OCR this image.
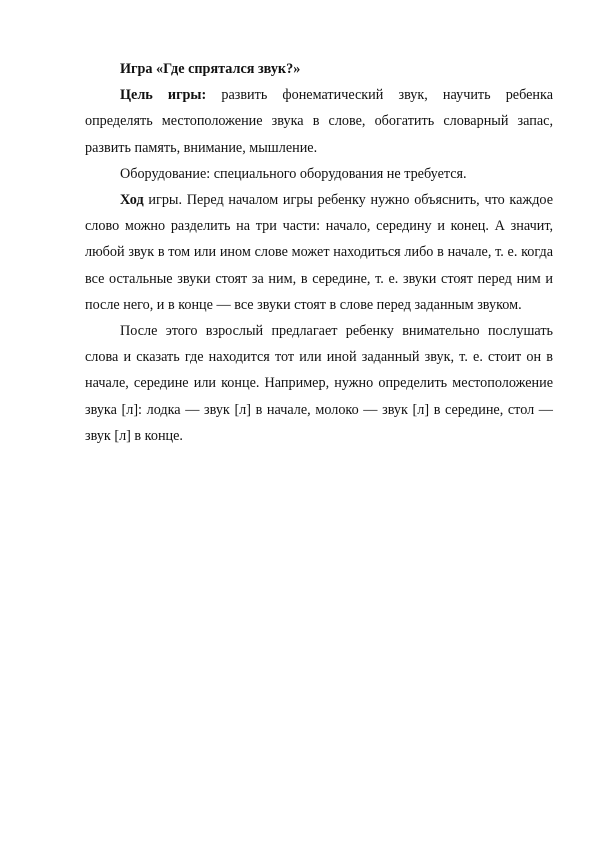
Игра «Где спрятался звук?»

Цель игры: развить фонематический звук, научить ребенка определять местоположение звука в слове, обогатить словарный запас, развить память, внимание, мышление.

Оборудование: специального оборудования не требуется.

Ход игры. Перед началом игры ребенку нужно объяснить, что каждое слово можно разделить на три части: начало, середину и конец. А значит, любой звук в том или ином слове может находиться либо в начале, т. е. когда все остальные звуки стоят за ним, в середине, т. е. звуки стоят перед ним и после него, и в конце — все звуки стоят в слове перед заданным звуком.

После этого взрослый предлагает ребенку внимательно послушать слова и сказать где находится тот или иной заданный звук, т. е. стоит он в начале, середине или конце. Например, нужно определить местоположение звука [л]: лодка — звук [л] в начале, молоко — звук [л] в середине, стол — звук [л] в конце.
